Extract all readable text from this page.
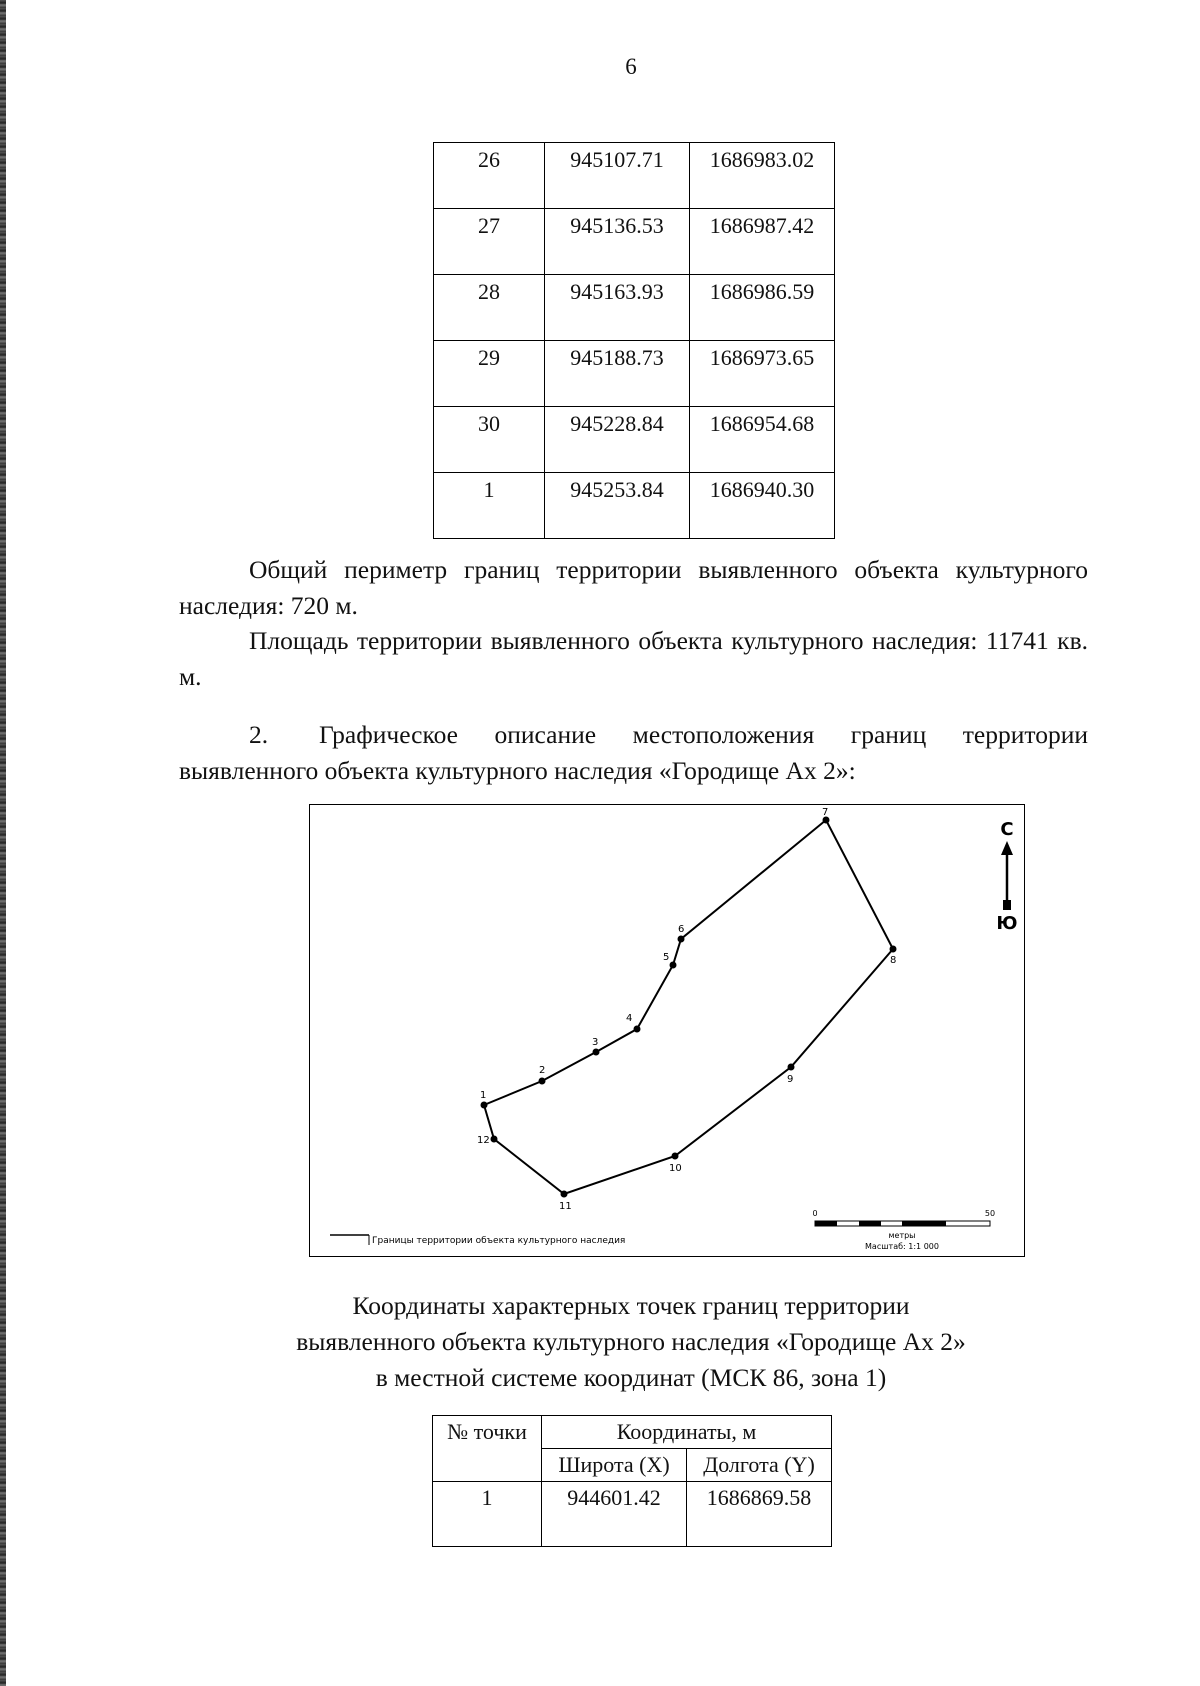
6
26	945107.71	1686983.02
27	945136.53	1686987.42
28	945163.93	1686986.59
29	945188.73	1686973.65
30	945228.84	1686954.68
1	945253.84	1686940.30

Общий периметр границ территории выявленного объекта культурного наследия: 720 м.

Площадь территории выявленного объекта культурного наследия: 11741 кв. м.

2. Графическое описание местоположения границ территории выявленного объекта культурного наследия «Городище Ах 2»:

1
2
3
4
5
6
7
8
9
10
11
12
С
Ю
Границы территории объекта культурного наследия
0	50
метры
Масштаб: 1:1 000
Координаты характерных точек границ территории
выявленного объекта культурного наследия «Городище Ах 2»
в местной системе координат (МСК 86, зона 1)
№ точки	Координаты, м	
	Широта (X)	Долгота (Y)
1	944601.42	1686869.58
